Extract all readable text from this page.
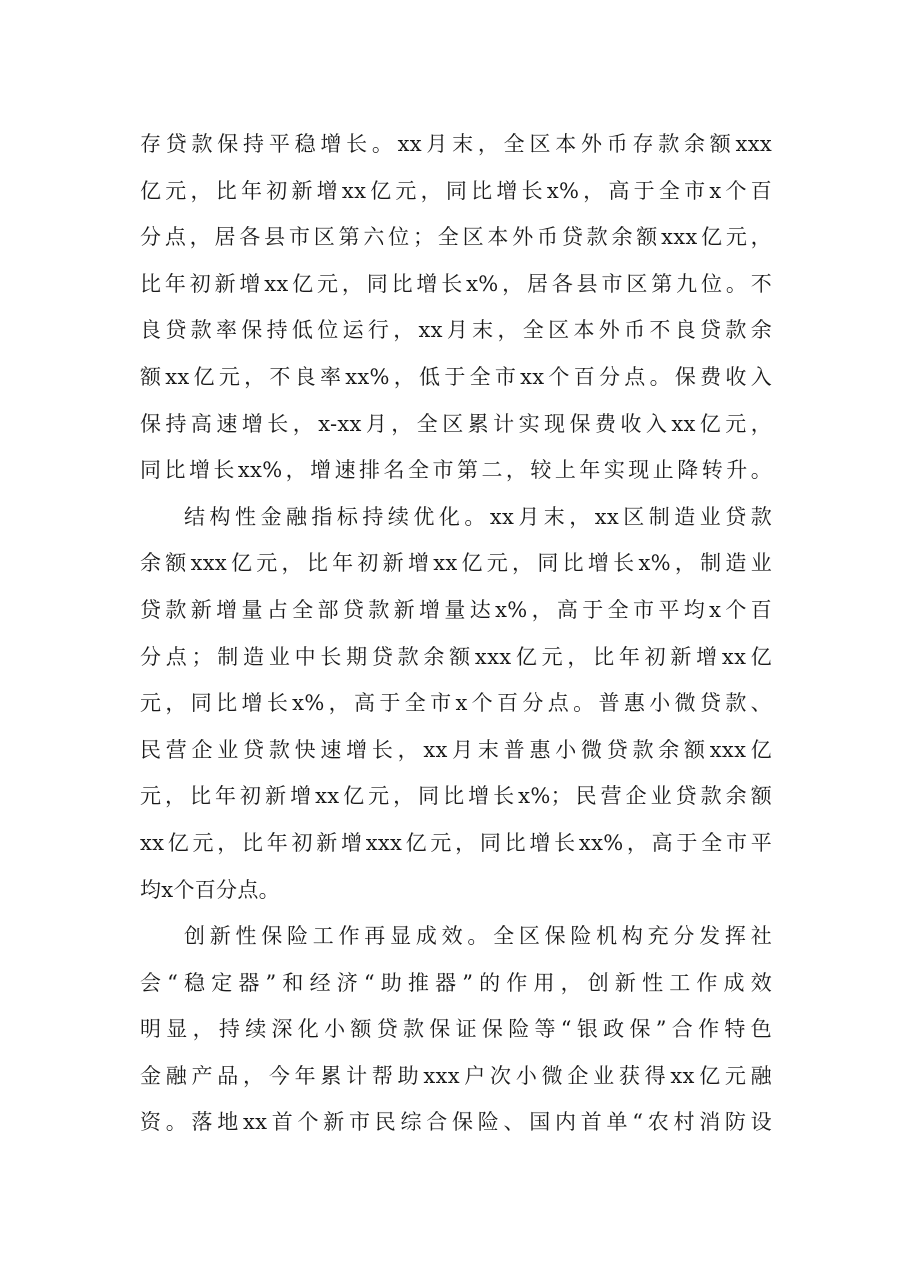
存贷款保持平稳增长。xx月末，全区本外币存款余额xxx
亿元，比年初新增xx亿元，同比增长x%，高于全市x个百
分点，居各县市区第六位；全区本外币贷款余额xxx亿元，
比年初新增xx亿元，同比增长x%，居各县市区第九位。不
良贷款率保持低位运行，xx月末，全区本外币不良贷款余
额xx亿元，不良率xx%，低于全市xx个百分点。保费收入
保持高速增长，x-xx月，全区累计实现保费收入xx亿元，
同比增长xx%，增速排名全市第二，较上年实现止降转升。
结构性金融指标持续优化。xx月末，xx区制造业贷款
余额xxx亿元，比年初新增xx亿元，同比增长x%，制造业
贷款新增量占全部贷款新增量达x%，高于全市平均x个百
分点；制造业中长期贷款余额xxx亿元，比年初新增xx亿
元，同比增长x%，高于全市x个百分点。普惠小微贷款、
民营企业贷款快速增长，xx月末普惠小微贷款余额xxx亿
元，比年初新增xx亿元，同比增长x%；民营企业贷款余额
xx亿元，比年初新增xxx亿元，同比增长xx%，高于全市平
均x个百分点。
创新性保险工作再显成效。全区保险机构充分发挥社
会“稳定器”和经济“助推器”的作用，创新性工作成效
明显，持续深化小额贷款保证保险等“银政保”合作特色
金融产品，今年累计帮助xxx户次小微企业获得xx亿元融
资。落地xx首个新市民综合保险、国内首单“农村消防设
